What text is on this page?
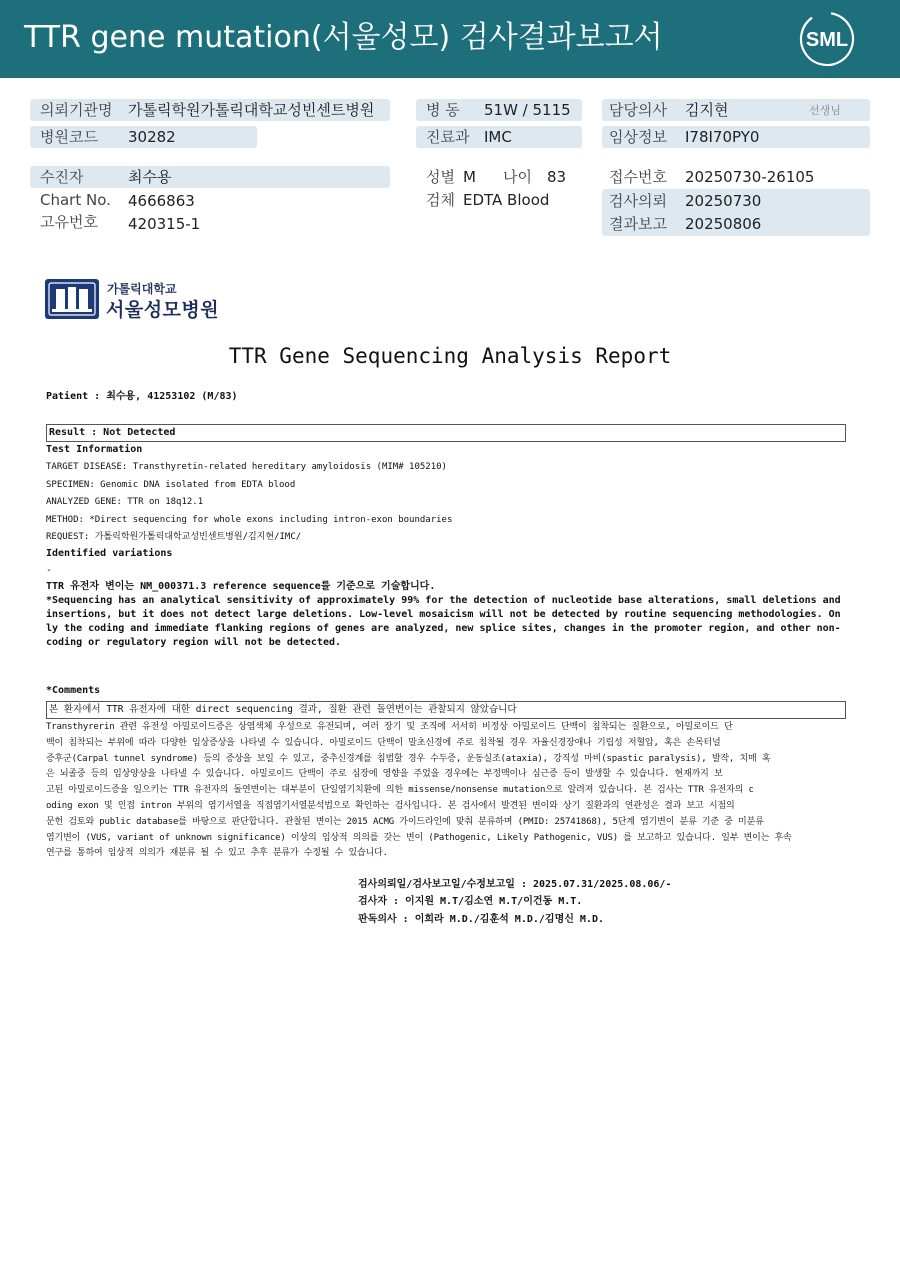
TTR gene mutation(서울성모) 검사결과보고서	SML
의뢰기관명 가톨릭학원가톨릭대학교성빈센트병원	병 동 51W / 5115	담당의사 김지현	선생님
병원코드 30282	진료과 IMC	임상정보 I78I70PY0
수진자	최수용	성별 M 나이 83	접수번호 20250730-26105
Chart No. 4666863	검체 EDTA Blood	검사의뢰 20250730
고유번호 420315-1	결과보고 20250806
가톨릭대학교
서울성모병원
TTR Gene Sequencing Analysis Report
Patient : 최수용, 41253102 (M/83)
Result : Not Detected
Test Information
TARGET DISEASE: Transthyretin-related hereditary amyloidosis (MIM# 105210)
SPECIMEN: Genomic DNA isolated from EDTA blood
ANALYZED GENE: TTR on 18q12.1
METHOD: *Direct sequencing for whole exons including intron-exon boundaries
REQUEST: 가톨릭학원가톨릭대학교성빈센트병원/김지현/IMC/
Identified variations
-
TTR 유전자 변이는 NM_000371.3 reference sequence를 기준으로 기술합니다.
*Sequencing has an analytical sensitivity of approximately 99% for the detection of nucleotide base alterations, small deletions and
insertions, but it does not detect large deletions. Low-level mosaicism will not be detected by routine sequencing methodologies. On
ly the coding and immediate flanking regions of genes are analyzed, new splice sites, changes in the promoter region, and other non-
coding or regulatory region will not be detected.
*Comments
본 환자에서 TTR 유전자에 대한 direct sequencing 결과, 질환 관련 돌연변이는 관찰되지 않았습니다
Transthyrerin 관련 유전성 아밀로이드증은 상염색체 우성으로 유전되며, 여러 장기 및 조직에 서서히 비정상 아밀로이드 단백이 침착되는 질환으로, 아밀로이드 단
백이 침착되는 부위에 따라 다양한 임상증상을 나타낼 수 있습니다. 아밀로이드 단백이 말초신경에 주로 침착될 경우 자율신경장애나 기립성 저혈압, 혹은 손목터널
증후군(Carpal tunnel syndrome) 등의 증상을 보일 수 있고, 중추신경계를 침범할 경우 수두증, 운동실조(ataxia), 강직성 마비(spastic paralysis), 발작, 치매 혹
은 뇌졸중 등의 임상양상을 나타낼 수 있습니다. 아밀로이드 단백이 주로 심장에 영향을 주었을 경우에는 부정맥이나 심근증 등이 발생할 수 있습니다. 현재까지 보
고된 아밀로이드증을 일으키는 TTR 유전자의 돌연변이는 대부분이 단일염기치환에 의한 missense/nonsense mutation으로 알려져 있습니다. 본 검사는 TTR 유전자의 c
oding exon 및 인접 intron 부위의 염기서열을 직접염기서열분석법으로 확인하는 검사입니다. 본 검사에서 발견된 변이와 상기 질환과의 연관성은 결과 보고 시점의
문헌 검토와 public database를 바탕으로 판단합니다. 관찰된 변이는 2015 ACMG 가이드라인에 맞춰 분류하며 (PMID: 25741868), 5단계 염기변이 분류 기준 중 미분류
염기변이 (VUS, variant of unknown significance) 이상의 임상적 의의를 갖는 변이 (Pathogenic, Likely Pathogenic, VUS) 를 보고하고 있습니다. 일부 변이는 후속
연구를 통하여 임상적 의의가 재분류 될 수 있고 추후 분류가 수정될 수 있습니다.
검사의뢰일/검사보고일/수정보고일 : 2025.07.31/2025.08.06/-
검사자 : 이지원 M.T/김소연 M.T/이건동 M.T.
판독의사 : 이희라 M.D./김훈석 M.D./김명신 M.D.
